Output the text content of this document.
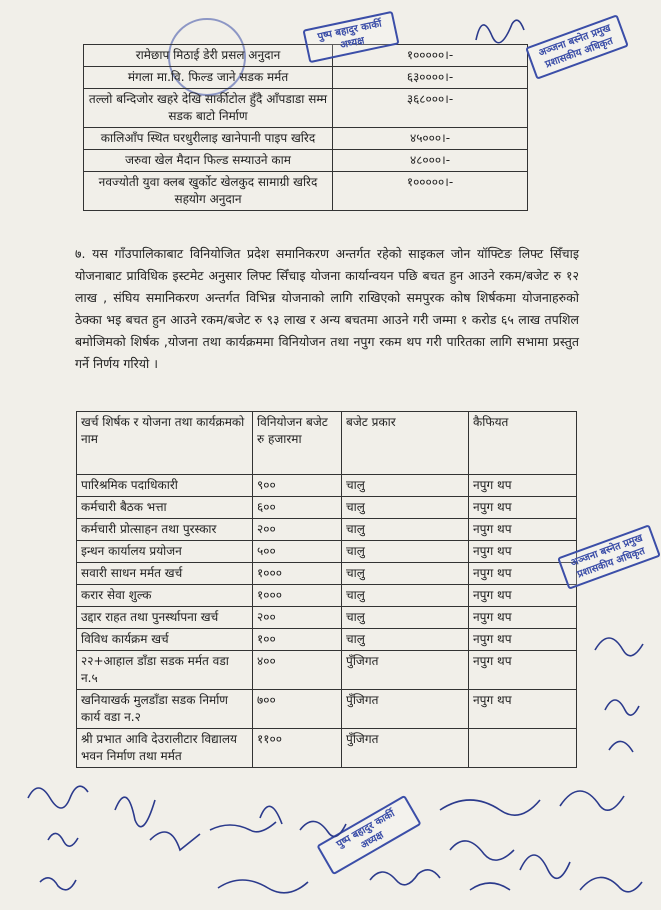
रामेछाप मिठाई डेरी प्रसल अनुदान	१०००००।-
मंगला मा.वि. फिल्ड जाने सडक मर्मत	६३००००।-
तल्लो बन्दिजोर खहरे देखि सार्कीटोल हुँदै आँपडाडा सम्म सडक बाटो निर्माण	३६८०००।-
कालिआँप स्थित घरधुरीलाइ खानेपानी पाइप खरिद	४५०००।-
जरुवा खेल मैदान फिल्ड सम्याउने काम	४८०००।-
नवज्योती युवा क्लब खुर्कोट खेलकुद सामाग्री खरिद सहयोग अनुदान	१०००००।-
७. यस गाँउपालिकाबाट विनियोजित प्रदेश समानिकरण अन्तर्गत रहेको साइकल जोन यॉफ्टिङ लिफ्ट सिँचाइ योजनाबाट प्राविधिक इस्टमेट अनुसार लिफ्ट सिँचाइ योजना कार्यान्वयन पछि बचत हुन आउने रकम/बजेट रु १२ लाख , संघिय समानिकरण अन्तर्गत विभिन्न योजनाको लागि राखिएको समपुरक कोष शिर्षकमा योजनाहरुको ठेक्का भइ बचत हुन आउने रकम/बजेट रु ९३ लाख र अन्य बचतमा आउने गरी जम्मा १ करोड ६५ लाख तपशिल बमोजिमको शिर्षक ,योजना तथा कार्यक्रममा विनियोजन तथा नपुग रकम थप गरी पारितका लागि सभामा प्रस्तुत गर्ने निर्णय गरियो ।
खर्च शिर्षक र योजना तथा कार्यक्रमको नाम	विनियोजन बजेट रु हजारमा	बजेट प्रकार	कैफियत
पारिश्रमिक पदाधिकारी	९००	चालु	नपुग थप
कर्मचारी बैठक भत्ता	६००	चालु	नपुग थप
कर्मचारी प्रोत्साहन तथा पुरस्कार	२००	चालु	नपुग थप
इन्धन कार्यालय प्रयोजन	५००	चालु	नपुग थप
सवारी साधन मर्मत खर्च	१०००	चालु	नपुग थप
करार सेवा शुल्क	१०००	चालु	नपुग थप
उद्दार राहत तथा पुनर्स्थापना खर्च	२००	चालु	नपुग थप
विविध कार्यक्रम खर्च	१००	चालु	नपुग थप
२२+आहाल डाँडा सडक मर्मत वडा न.५	४००	पुँजिगत	नपुग थप
खनियाखर्क मुलडाँडा सडक निर्माण कार्य वडा न.२	७००	पुँजिगत	नपुग थप
श्री प्रभात आवि देउरालीटार विद्यालय भवन निर्माण तथा मर्मत	११००	पुँजिगत	
पुष्प बहादुर कार्की अध्यक्ष	अञ्जना बस्नेत प्रमुख प्रशासकीय अधिकृत
अञ्जना बस्नेत प्रमुख प्रशासकीय अधिकृत
पुष्प बहादुर कार्की अध्यक्ष
